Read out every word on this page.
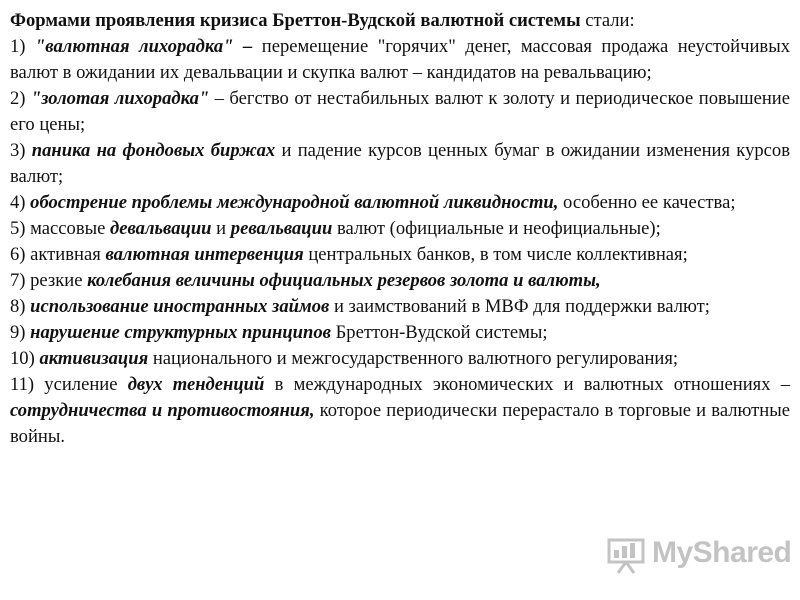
Формами проявления кризиса Бреттон-Вудской валютной системы стали:

1) "валютная лихорадка" – перемещение "горячих" денег, массовая продажа неустойчивых валют в ожидании их девальвации и скупка валют – кандидатов на ревальвацию;

2) "золотая лихорадка" – бегство от нестабильных валют к золоту и периодическое повышение его цены;

3) паника на фондовых биржах и падение курсов ценных бумаг в ожидании изменения курсов валют;

4) обострение проблемы международной валютной ликвидности, особенно ее качества;

5) массовые девальвации и ревальвации валют (официальные и неофициальные);

6) активная валютная интервенция центральных банков, в том числе коллективная;

7) резкие колебания величины официальных резервов золота и валюты,

8) использование иностранных займов и заимствований в МВФ для поддержки валют;

9) нарушение структурных принципов Бреттон-Вудской системы;

10) активизация национального и межгосударственного валютного регулирования;

11) усиление двух тенденций в международных экономических и валютных отношениях – сотрудничества и противостояния, которое периодически перерастало в торговые и валютные войны.

MyShared
